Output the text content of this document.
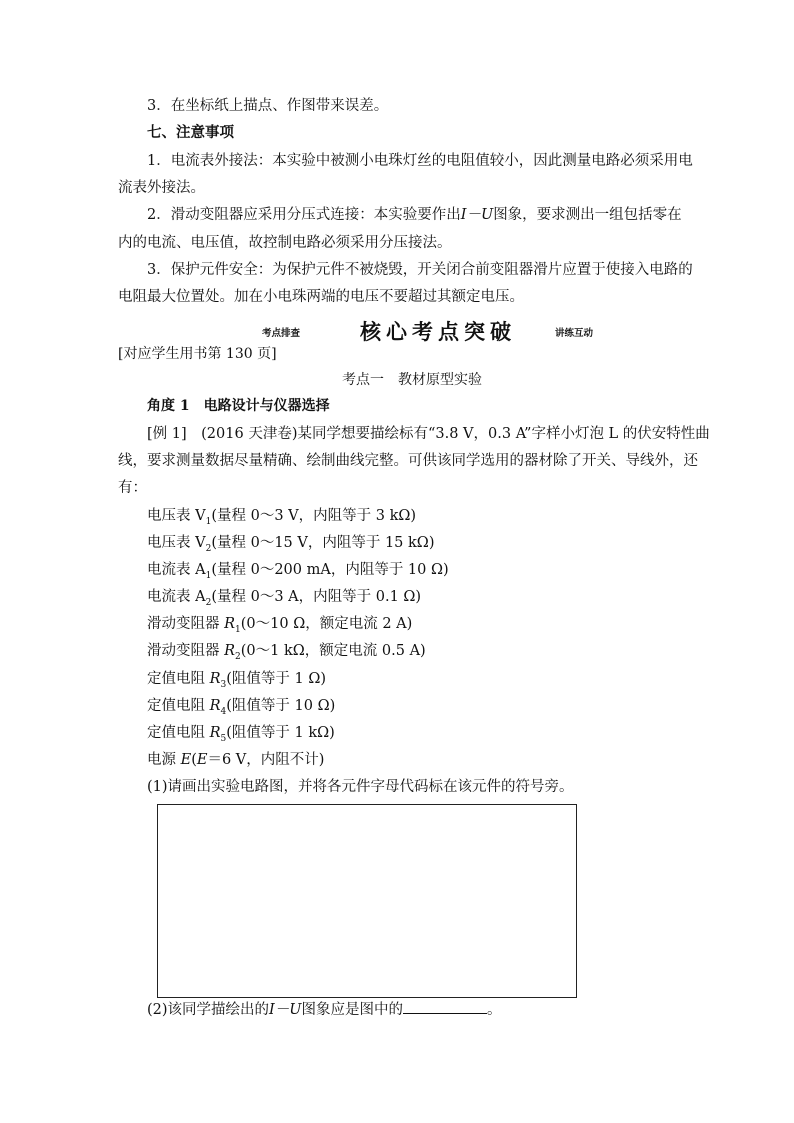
3．在坐标纸上描点、作图带来误差。
七、注意事项
1．电流表外接法：本实验中被测小电珠灯丝的电阻值较小，因此测量电路必须采用电
流表外接法。
2．滑动变阻器应采用分压式连接：本实验要作出I－U图象，要求测出一组包括零在
内的电流、电压值，故控制电路必须采用分压接法。
3．保护元件安全：为保护元件不被烧毁，开关闭合前变阻器滑片应置于使接入电路的
电阻最大位置处。加在小电珠两端的电压不要超过其额定电压。
考点排查	核心考点突破	讲练互动
[对应学生用书第 130 页]
考点一　教材原型实验
角度 1　电路设计与仪器选择
[例 1]　(2016 天津卷)某同学想要描绘标有“3.8 V，0.3 A”字样小灯泡 L 的伏安特性曲
线，要求测量数据尽量精确、绘制曲线完整。可供该同学选用的器材除了开关、导线外，还
有：
电压表 $V_1$(量程 0～3 V，内阻等于 3 kΩ)
电压表 $V_2$(量程 0～15 V，内阻等于 15 kΩ)
电流表 $A_1$(量程 0～200 mA，内阻等于 10 Ω)
电流表 $A_2$(量程 0～3 A，内阻等于 0.1 Ω)
滑动变阻器 $R_1(0\sim 10$ Ω，额定电流 2 A)
滑动变阻器 $R_2(0\sim 1$ kΩ，额定电流 0.5 A)
定值电阻 $R_3$(阻值等于 1 Ω)
定值电阻 $R_4$(阻值等于 10 Ω)
定值电阻 $R_5$(阻值等于 1 kΩ)
电源 E(E＝6 V，内阻不计)
(1)请画出实验电路图，并将各元件字母代码标在该元件的符号旁。
(2)该同学描绘出的I－U图象应是图中的	。
